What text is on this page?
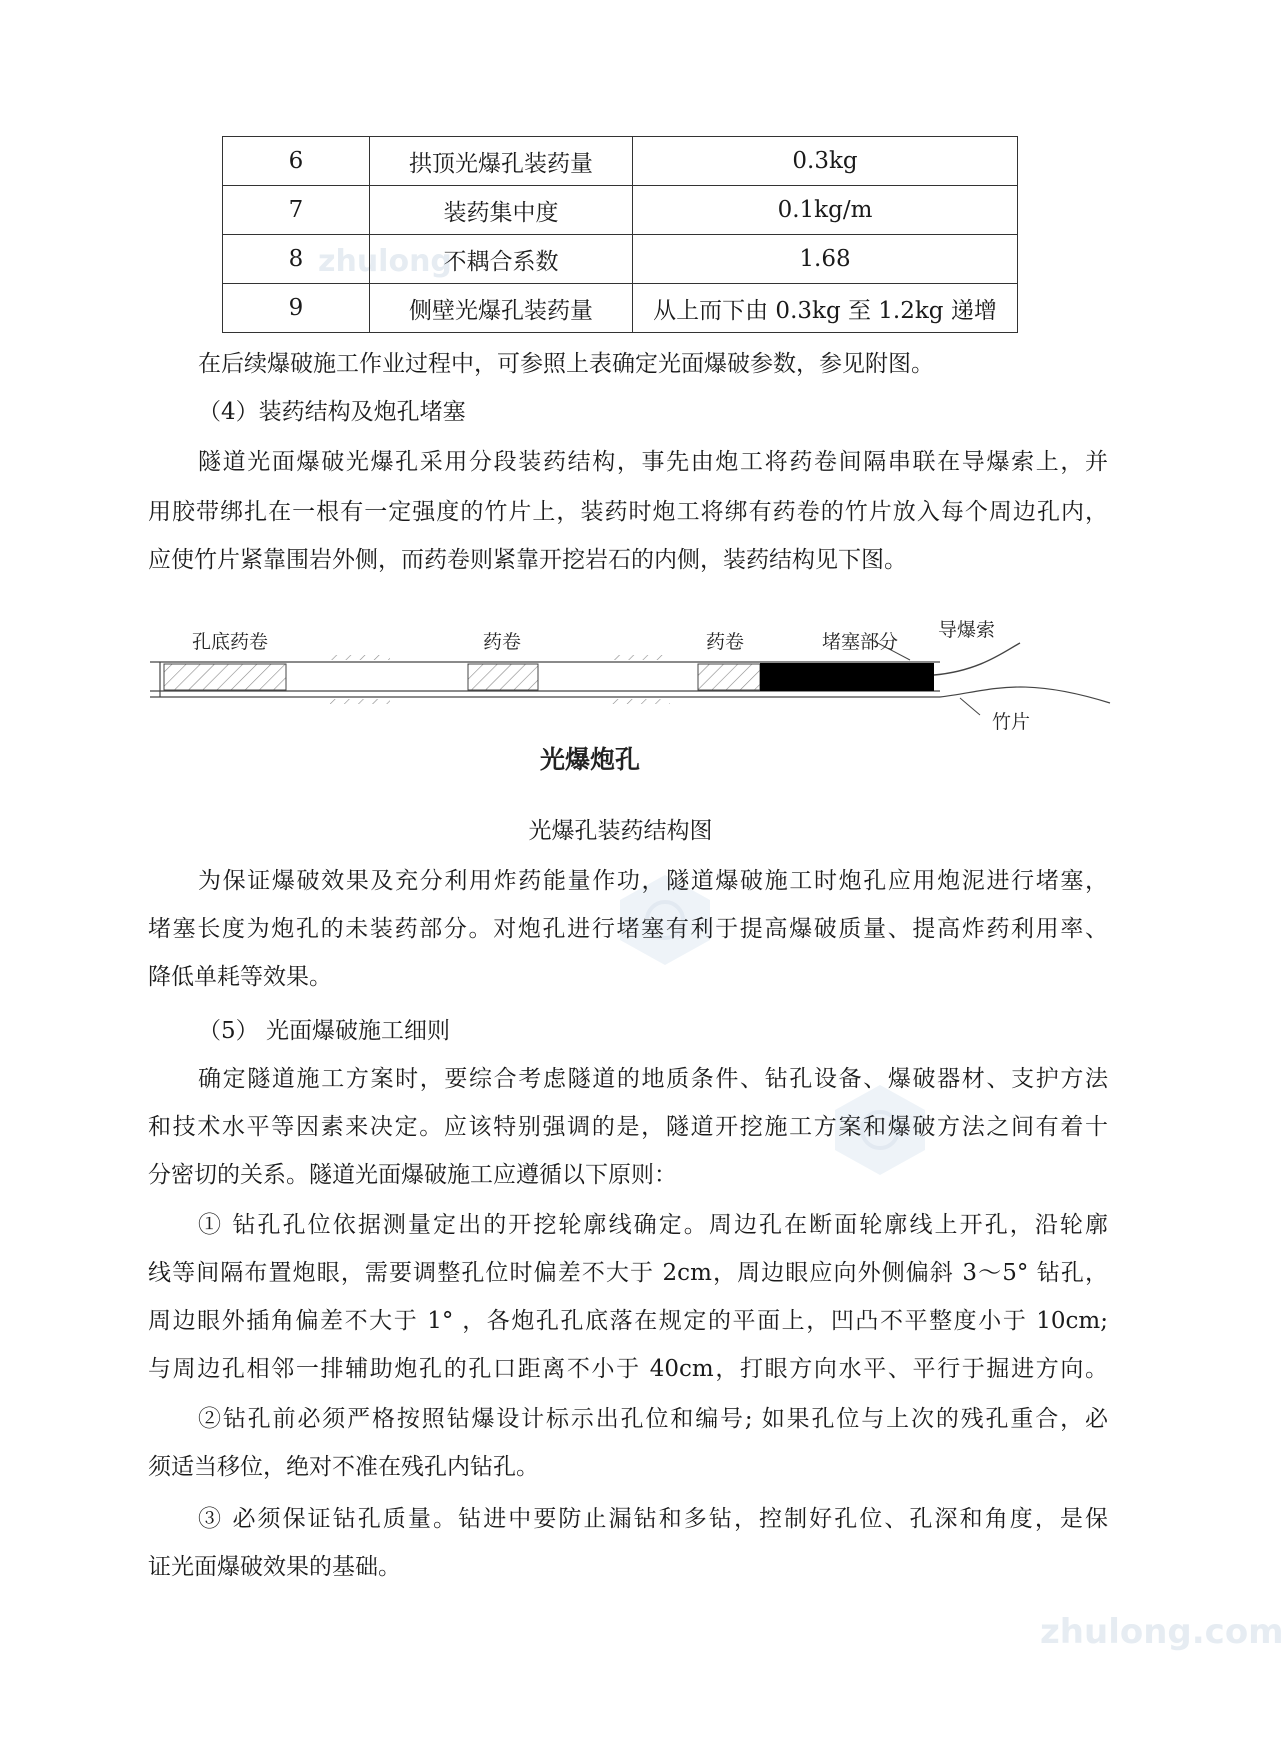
zhulong
zhulong.com
6	拱顶光爆孔装药量	0.3kg
7	装药集中度	0.1kg/m
8	不耦合系数	1.68
9	侧壁光爆孔装药量	从上而下由 0.3kg 至 1.2kg 递增
在后续爆破施工作业过程中，可参照上表确定光面爆破参数，参见附图。
（4）装药结构及炮孔堵塞
隧道光面爆破光爆孔采用分段装药结构，事先由炮工将药卷间隔串联在导爆索上，并
用胶带绑扎在一根有一定强度的竹片上，装药时炮工将绑有药卷的竹片放入每个周边孔内，
应使竹片紧靠围岩外侧，而药卷则紧靠开挖岩石的内侧，装药结构见下图。
孔底药卷	药卷	药卷	堵塞部分
导爆索
竹片
光爆炮孔
光爆孔装药结构图
为保证爆破效果及充分利用炸药能量作功，隧道爆破施工时炮孔应用炮泥进行堵塞，
堵塞长度为炮孔的未装药部分。对炮孔进行堵塞有利于提高爆破质量、提高炸药利用率、
降低单耗等效果。
（5） 光面爆破施工细则
确定隧道施工方案时，要综合考虑隧道的地质条件、钻孔设备、爆破器材、支护方法
和技术水平等因素来决定。应该特别强调的是，隧道开挖施工方案和爆破方法之间有着十
分密切的关系。隧道光面爆破施工应遵循以下原则：
① 钻孔孔位依据测量定出的开挖轮廓线确定。周边孔在断面轮廓线上开孔，沿轮廓
线等间隔布置炮眼，需要调整孔位时偏差不大于 2cm，周边眼应向外侧偏斜 3～5° 钻孔，
周边眼外插角偏差不大于 1° ，各炮孔孔底落在规定的平面上，凹凸不平整度小于 10cm;
与周边孔相邻一排辅助炮孔的孔口距离不小于 40cm，打眼方向水平、平行于掘进方向。
②钻孔前必须严格按照钻爆设计标示出孔位和编号; 如果孔位与上次的残孔重合，必
须适当移位，绝对不准在残孔内钻孔。
③ 必须保证钻孔质量。钻进中要防止漏钻和多钻，控制好孔位、孔深和角度，是保
证光面爆破效果的基础。
